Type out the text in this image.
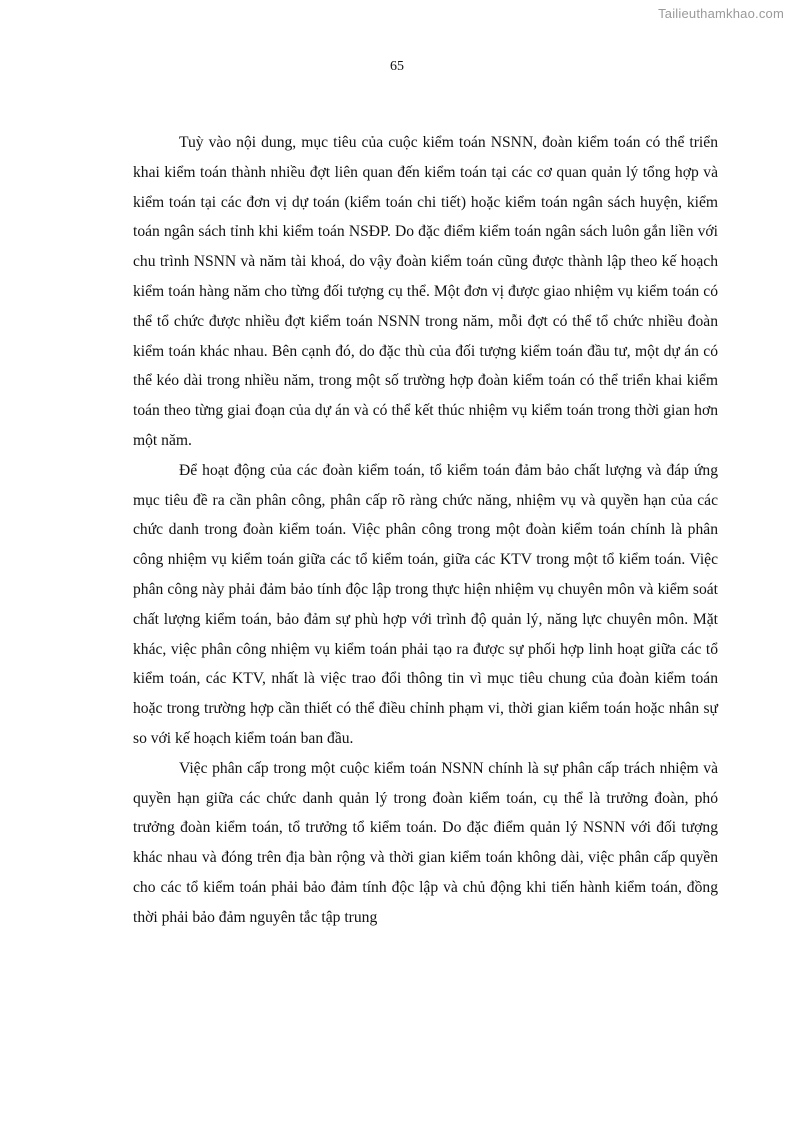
Tailieuthamkhao.com
65

Tuỳ vào nội dung, mục tiêu của cuộc kiểm toán NSNN, đoàn kiểm toán có thể triển khai kiểm toán thành nhiều đợt liên quan đến kiểm toán tại các cơ quan quản lý tổng hợp và kiểm toán tại các đơn vị dự toán (kiểm toán chi tiết) hoặc kiểm toán ngân sách huyện, kiểm toán ngân sách tỉnh khi kiểm toán NSĐP. Do đặc điểm kiểm toán ngân sách luôn gắn liền với chu trình NSNN và năm tài khoá, do vậy đoàn kiểm toán cũng được thành lập theo kế hoạch kiểm toán hàng năm cho từng đối tượng cụ thể. Một đơn vị được giao nhiệm vụ kiểm toán có thể tổ chức được nhiều đợt kiểm toán NSNN trong năm, mỗi đợt có thể tổ chức nhiều đoàn kiểm toán khác nhau. Bên cạnh đó, do đặc thù của đối tượng kiểm toán đầu tư, một dự án có thể kéo dài trong nhiều năm, trong một số trường hợp đoàn kiểm toán có thể triển khai kiểm toán theo từng giai đoạn của dự án và có thể kết thúc nhiệm vụ kiểm toán trong thời gian hơn một năm.

Để hoạt động của các đoàn kiểm toán, tổ kiểm toán đảm bảo chất lượng và đáp ứng mục tiêu đề ra cần phân công, phân cấp rõ ràng chức năng, nhiệm vụ và quyền hạn của các chức danh trong đoàn kiểm toán. Việc phân công trong một đoàn kiểm toán chính là phân công nhiệm vụ kiểm toán giữa các tổ kiểm toán, giữa các KTV trong một tổ kiểm toán. Việc phân công này phải đảm bảo tính độc lập trong thực hiện nhiệm vụ chuyên môn và kiểm soát chất lượng kiểm toán, bảo đảm sự phù hợp với trình độ quản lý, năng lực chuyên môn. Mặt khác, việc phân công nhiệm vụ kiểm toán phải tạo ra được sự phối hợp linh hoạt giữa các tổ kiểm toán, các KTV, nhất là việc trao đổi thông tin vì mục tiêu chung của đoàn kiểm toán hoặc trong trường hợp cần thiết có thể điều chỉnh phạm vi, thời gian kiểm toán hoặc nhân sự so với kế hoạch kiểm toán ban đầu.

Việc phân cấp trong một cuộc kiểm toán NSNN chính là sự phân cấp trách nhiệm và quyền hạn giữa các chức danh quản lý trong đoàn kiểm toán, cụ thể là trưởng đoàn, phó trưởng đoàn kiểm toán, tổ trưởng tổ kiểm toán. Do đặc điểm quản lý NSNN với đối tượng khác nhau và đóng trên địa bàn rộng và thời gian kiểm toán không dài, việc phân cấp quyền cho các tổ kiểm toán phải bảo đảm tính độc lập và chủ động khi tiến hành kiểm toán, đồng thời phải bảo đảm nguyên tắc tập trung
